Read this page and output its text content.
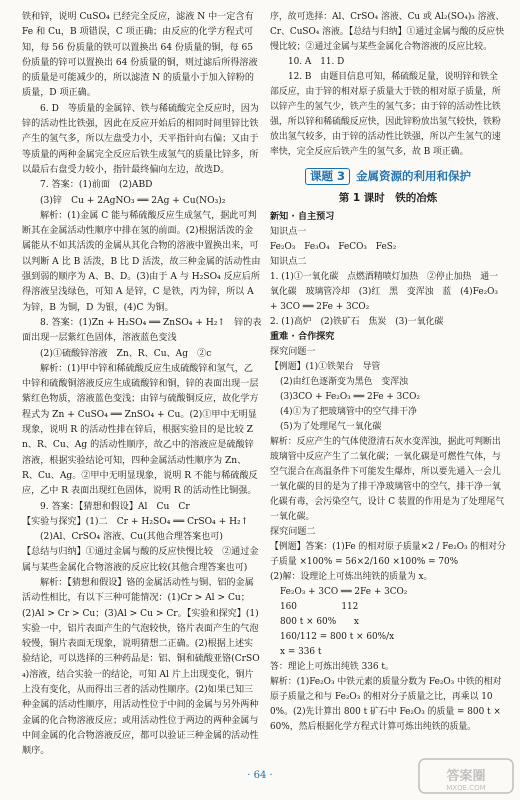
铁和锌，说明 CuSO₄ 已经完全反应，滤液 N 中一定含有 Fe 和 Cu，B 项错误，C 项正确；由反应的化学方程式可知，每 56 份质量的铁可以置换出 64 份质量的铜，每 65 份质量的锌可以置换出 64 份质量的铜，则过滤后所得溶液的质量是可能减少的，所以滤渣 N 的质量小于加入锌粉的质量，D 项正确。

6. D　等质量的金属锌、铁与稀硫酸完全反应时，因为锌的活动性比铁强，因此在反应开始后的相同时间里锌比铁产生的氢气多，所以左盘受力小，天平指针向右偏；又由于等质量的两种金属完全反应后铁生成氢气的质量比锌多，所以最后右盘受力较小，指针最终偏向左边，故选D。

7. 答案：(1)前面　(2)ABD

(3)锌　Cu + 2AgNO₃ ══ 2Ag + Cu(NO₃)₂

解析：(1)金属 C 能与稀硫酸反应生成氢气，据此可判断其在金属活动性顺序中排在氢的前面。(2)根据活泼的金属能从不如其活泼的金属从其化合物的溶液中置换出来，可以判断 A 比 B 活泼，B 比 D 活泼，故三种金属的活动性由强到弱的顺序为 A、B、D。(3)由于 A 与 H₂SO₄ 反应后所得溶液呈浅绿色，可知 A 是锌，C 是铁，丙为锌，所以 A 为锌，B 为铜，D 为银，(4)C 为铜。

8. 答案：(1)Zn + H₂SO₄ ══ ZnSO₄ + H₂↑　锌的表面出现一层紫红色固体，溶液蓝色变浅

(2)①硫酸锌溶液　Zn、R、Cu、Ag　②c

解析：(1)甲中锌和稀硫酸反应生成硫酸锌和氢气，乙中锌和硫酸铜溶液反应生成硫酸锌和铜，锌的表面出现一层紫红色物质，溶液蓝色变浅；由锌与硫酸铜反应，故化学方程式为 Zn + CuSO₄ ══ ZnSO₄ + Cu。(2)①甲中无明显现象，说明 R 的活动性排在锌后，根据实验目的是比较 Zn、R、Cu、Ag 的活动性顺序，故乙中的溶液应是硫酸锌溶液，根据实验结论可知，四种金属活动性顺序为 Zn、R、Cu、Ag。②甲中无明显现象，说明 R 不能与稀硫酸反应，乙中 R 表面出现红色固体，说明 R 的活动性比铜强。

9. 答案：【猜想和假设】Al　Cu　Cr

【实验与探究】(1)二　Cr + H₂SO₄ ══ CrSO₄ + H₂↑

(2)Al、CrSO₄ 溶液、Cu(其他合理答案也可)

【总结与归纳】①通过金属与酸的反应快慢比较　②通过金属与某些金属化合物溶液的反应比较(其他合理答案也可)

解析：【猜想和假设】铬的金属活动性与铜、铝的金属活动性相比，有以下三种可能情况：(1)Cr > Al > Cu；(2)Al > Cr > Cu；(3)Al > Cu > Cr。【实验和探究】(1)实验一中，铝片表面产生的气泡较快，铬片表面产生的气泡较慢，铜片表面无现象，说明猜想二正确。(2)根据上述实验结论，可以选择的三种药品是：铝、铜和硫酸亚铬(CrSO₄)溶液，结合实验一的结论，可知 Al 片上出现变化，铜片上没有变化，从而得出三者的活动性顺序。(2)如果已知三种金属的活动性顺序，用活动性位于中间的金属与另外两种金属的化合物溶液反应；或用活动性位于两边的两种金属与中间金属的化合物溶液反应，都可以验证三种金属的活动性顺序。

序，故可选择：Al、CrSO₄ 溶液、Cu 或 Al₂(SO₄)₃ 溶液、Cr、CuSO₄ 溶液。【总结与归纳】①通过金属与酸的反应快慢比较；②通过金属与某些金属化合物溶液的反应比较。

10. A　11. D

12. B　由题目信息可知，稀硫酸足量，说明锌和铁全部反应，由于锌的相对原子质量大于铁的相对原子质量，所以锌产生的氢气少，铁产生的氢气多；由于锌的活动性比铁强，所以锌和稀硫酸反应快，因此锌粉放出氢气较快，铁粉放出氢气较多，由于锌的活动性比铁强，所以产生氢气的速率快，完全反应后铁产生的氢气多，故 B 项正确。

课题 3 金属资源的利用和保护
第 1 课时　铁的冶炼

新知 · 自主预习

知识点一

Fe₂O₃　Fe₃O₄　FeCO₃　FeS₂

知识点二

1. (1)①一氧化碳　点燃酒精喷灯加热　②停止加热　通一氧化碳　玻璃管冷却　(3)红　黑　变浑浊　蓝　(4)Fe₂O₃ + 3CO ══ 2Fe + 3CO₂

2. (1)高炉　(2)铁矿石　焦炭　(3)一氧化碳

重难 · 合作探究

探究问题一

【例题】(1)①铁架台　导管

(2)由红色逐渐变为黑色　变浑浊

(3)3CO + Fe₂O₃ ══ 2Fe + 3CO₂

(4)①为了把玻璃管中的空气排干净

(5)为了处理尾气一氧化碳

解析：反应产生的气体使澄清石灰水变浑浊，据此可判断出玻璃管中反应产生了二氧化碳；一氧化碳是可燃性气体，与空气混合在高温条件下可能发生爆炸，所以要先通入一会儿一氧化碳的目的是为了排干净玻璃管中的空气，排干净一氧化碳有毒，会污染空气，设计 C 装置的作用是为了处理尾气一氧化碳。

探究问题二

【例题】答案：(1)Fe 的相对原子质量×2 / Fe₂O₃ 的相对分子质量 ×100% = 56×2/160 ×100% = 70%

(2)解：设理论上可炼出纯铁的质量为 x。

Fe₂O₃ + 3CO ══ 2Fe + 3CO₂

160　　　　　112

800 t × 60%　　x

160/112 = 800 t × 60%/x

x = 336 t

答：理论上可炼出纯铁 336 t。

解析：(1)Fe₂O₃ 中铁元素的质量分数为 Fe₂O₃ 中铁的相对原子质量之和与 Fe₂O₃ 的相对分子质量之比，再乘以 100%。(2)先计算出 800 t 矿石中 Fe₂O₃ 的质量 = 800 t × 60%，然后根据化学方程式计算可炼出纯铁的质量。

· 64 ·	答案圈
MXQE.COM
